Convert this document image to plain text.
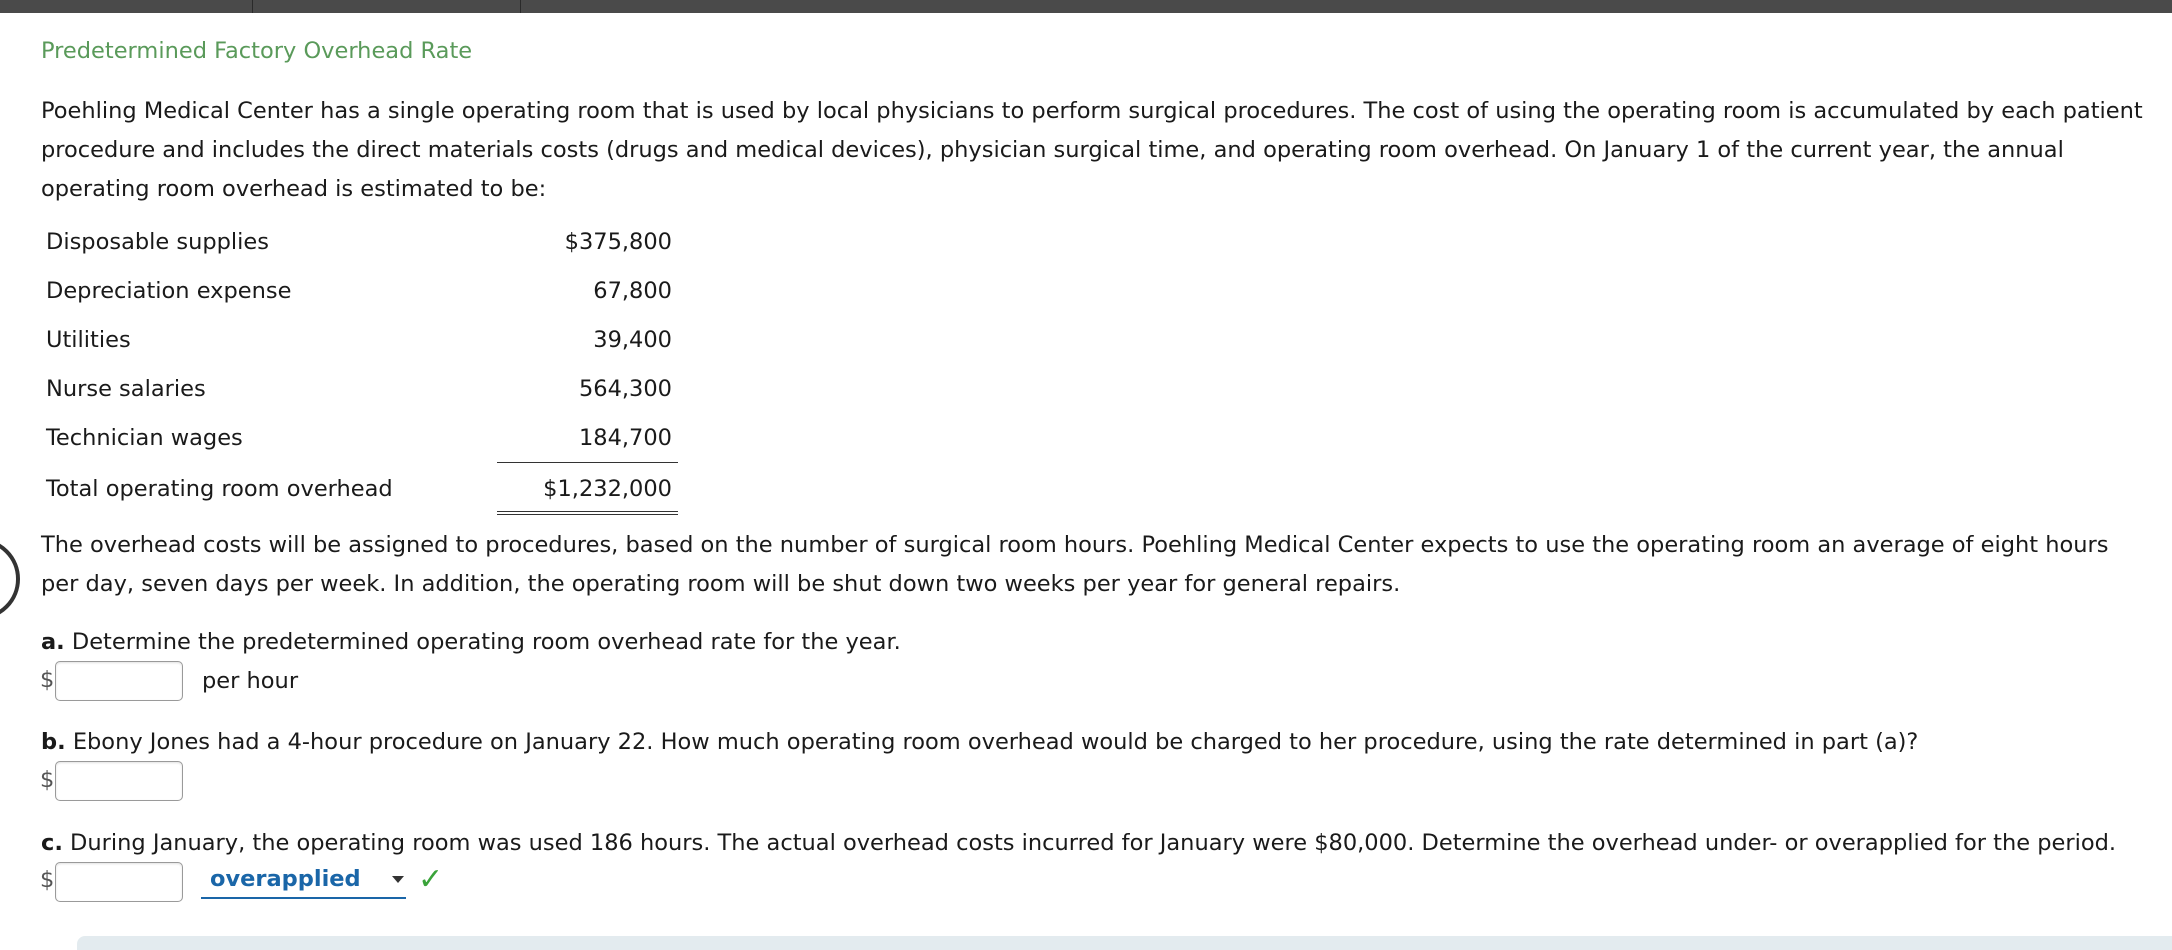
Predetermined Factory Overhead Rate
Poehling Medical Center has a single operating room that is used by local physicians to perform surgical procedures. The cost of using the operating room is accumulated by each patient procedure and includes the direct materials costs (drugs and medical devices), physician surgical time, and operating room overhead. On January 1 of the current year, the annual operating room overhead is estimated to be:
Disposable supplies	$375,800
Depreciation expense	67,800
Utilities	39,400
Nurse salaries	564,300
Technician wages	184,700
Total operating room overhead	$1,232,000
The overhead costs will be assigned to procedures, based on the number of surgical room hours. Poehling Medical Center expects to use the operating room an average of eight hours per day, seven days per week. In addition, the operating room will be shut down two weeks per year for general repairs.
a. Determine the predetermined operating room overhead rate for the year.
$	per hour
b. Ebony Jones had a 4-hour procedure on January 22. How much operating room overhead would be charged to her procedure, using the rate determined in part (a)?
$
c. During January, the operating room was used 186 hours. The actual overhead costs incurred for January were $80,000. Determine the overhead under- or overapplied for the period.
$	overapplied ✓
